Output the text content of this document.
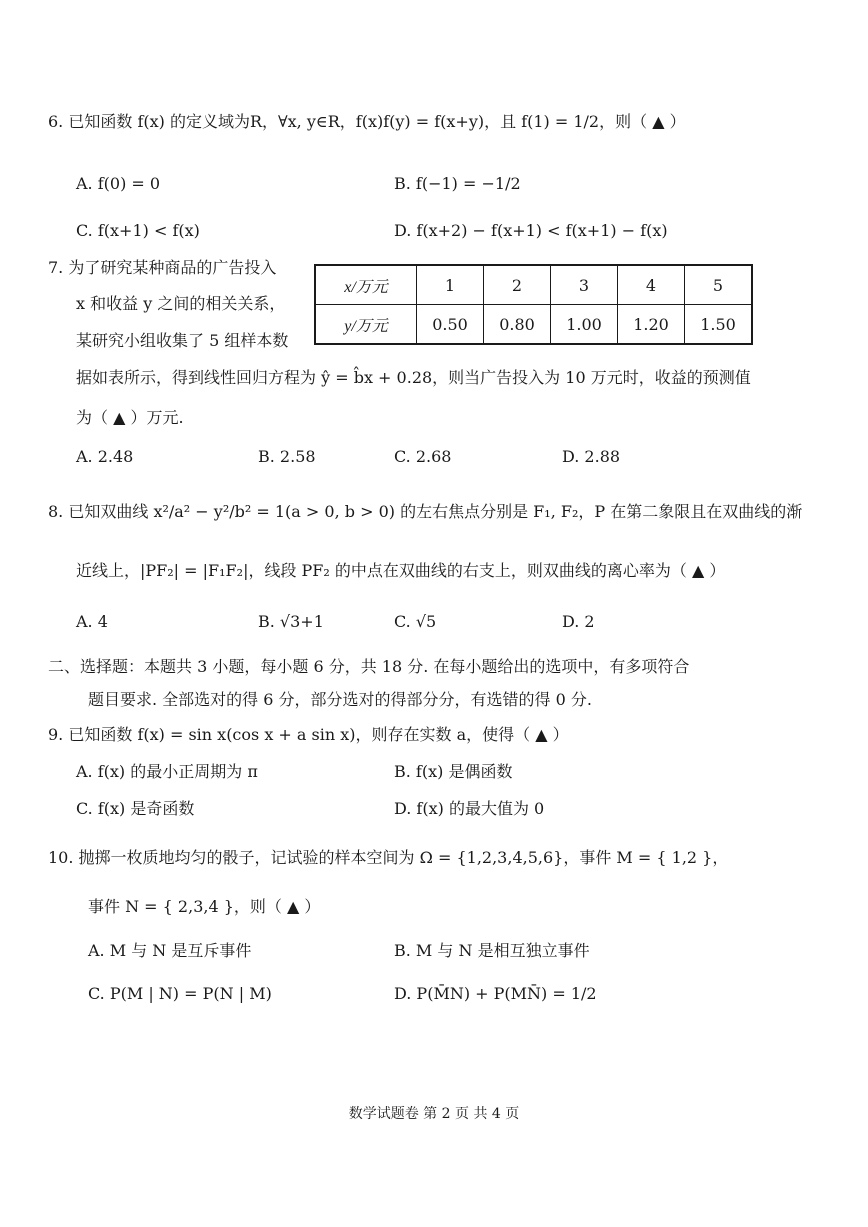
6. 已知函数 f(x) 的定义域为R，∀x, y∈R，f(x)f(y) = f(x+y)，且 f(1) = 1/2，则（ ▲ ）
A. f(0) = 0	B. f(−1) = −1/2
C. f(x+1) < f(x)	D. f(x+2) − f(x+1) < f(x+1) − f(x)
7. 为了研究某种商品的广告投入
x 和收益 y 之间的相关关系，
某研究小组收集了 5 组样本数
x/万元	1	2	3	4	5
y/万元	0.50	0.80	1.00	1.20	1.50
据如表所示，得到线性回归方程为 ŷ = b̂x + 0.28，则当广告投入为 10 万元时，收益的预测值
为（ ▲ ）万元.
A. 2.48	B. 2.58	C. 2.68	D. 2.88
8. 已知双曲线 x²/a² − y²/b² = 1(a > 0, b > 0) 的左右焦点分别是 F₁, F₂，P 在第二象限且在双曲线的渐
近线上，|PF₂| = |F₁F₂|，线段 PF₂ 的中点在双曲线的右支上，则双曲线的离心率为（ ▲ ）
A. 4	B. √3+1	C. √5	D. 2
二、选择题：本题共 3 小题，每小题 6 分，共 18 分. 在每小题给出的选项中，有多项符合
题目要求. 全部选对的得 6 分，部分选对的得部分分，有选错的得 0 分.
9. 已知函数 f(x) = sin x(cos x + a sin x)，则存在实数 a，使得（ ▲ ）
A. f(x) 的最小正周期为 π	B. f(x) 是偶函数
C. f(x) 是奇函数	D. f(x) 的最大值为 0
10. 抛掷一枚质地均匀的骰子，记试验的样本空间为 Ω = {1,2,3,4,5,6}，事件 M = { 1,2 }，
事件 N = { 2,3,4 }，则（ ▲ ）
A. M 与 N 是互斥事件	B. M 与 N 是相互独立事件
C. P(M | N) = P(N | M)	D. P(M̄N) + P(MN̄) = 1/2
数学试题卷 第 2 页 共 4 页
